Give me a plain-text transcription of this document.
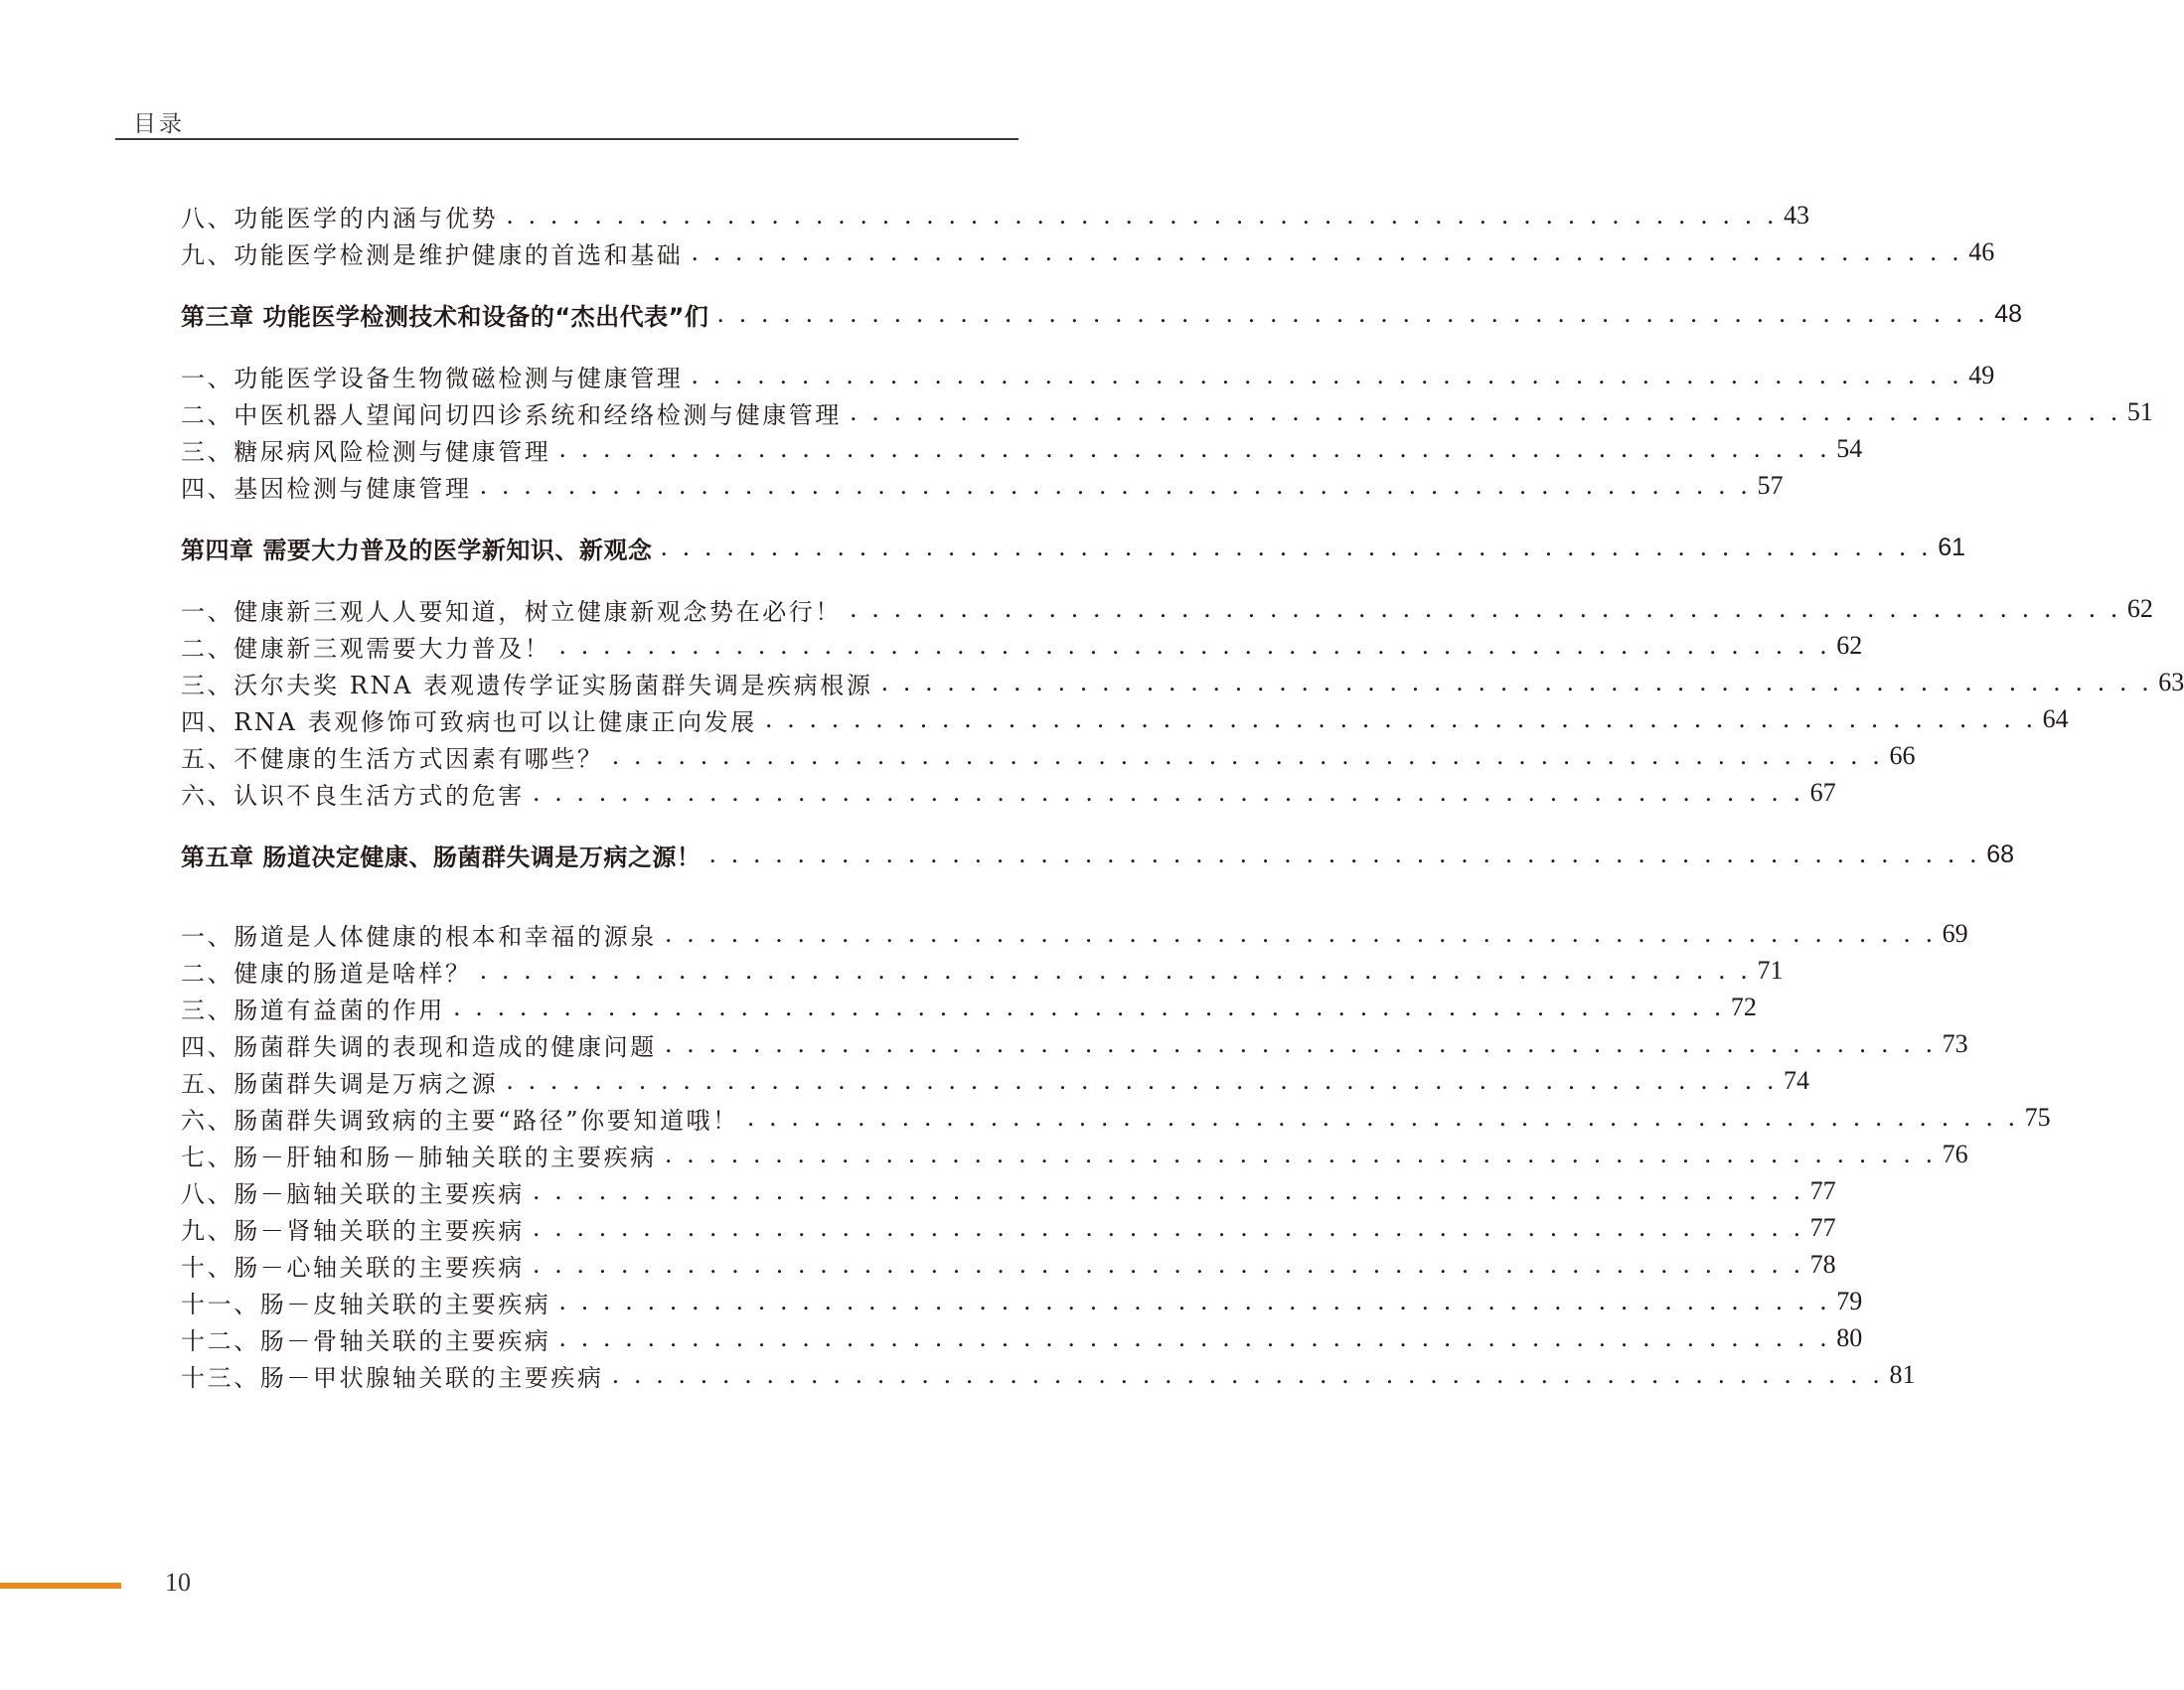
目录
八、功能医学的内涵与优势 . . . . . . . . . . . . . . . . . . . . . . . . . . . . . . . . . . . . . . . . . . . . . . . . . . . . . . . . . . 43
九、功能医学检测是维护健康的首选和基础 . . . . . . . . . . . . . . . . . . . . . . . . . . . . . . . . . . . . . . . . . . . . . . . . . . . . . . . . . . 46
第三章 功能医学检测技术和设备的“杰出代表”们 . . . . . . . . . . . . . . . . . . . . . . . . . . . . . . . . . . . . . . . . . . . . . . . . . . . . . . . . . . 48
一、功能医学设备生物微磁检测与健康管理 . . . . . . . . . . . . . . . . . . . . . . . . . . . . . . . . . . . . . . . . . . . . . . . . . . . . . . . . . . 49
二、中医机器人望闻问切四诊系统和经络检测与健康管理 . . . . . . . . . . . . . . . . . . . . . . . . . . . . . . . . . . . . . . . . . . . . . . . . . . . . . . . . . . 51
三、糖尿病风险检测与健康管理 . . . . . . . . . . . . . . . . . . . . . . . . . . . . . . . . . . . . . . . . . . . . . . . . . . . . . . . . . . 54
四、基因检测与健康管理 . . . . . . . . . . . . . . . . . . . . . . . . . . . . . . . . . . . . . . . . . . . . . . . . . . . . . . . . . . 57
第四章 需要大力普及的医学新知识、新观念 . . . . . . . . . . . . . . . . . . . . . . . . . . . . . . . . . . . . . . . . . . . . . . . . . . . . . . . . . . 61
一、健康新三观人人要知道，树立健康新观念势在必行！ . . . . . . . . . . . . . . . . . . . . . . . . . . . . . . . . . . . . . . . . . . . . . . . . . . . . . . . . . . 62
二、健康新三观需要大力普及！ . . . . . . . . . . . . . . . . . . . . . . . . . . . . . . . . . . . . . . . . . . . . . . . . . . . . . . . . . . 62
三、沃尔夫奖 RNA 表观遗传学证实肠菌群失调是疾病根源 . . . . . . . . . . . . . . . . . . . . . . . . . . . . . . . . . . . . . . . . . . . . . . . . . . . . . . . . . . 63
四、RNA 表观修饰可致病也可以让健康正向发展 . . . . . . . . . . . . . . . . . . . . . . . . . . . . . . . . . . . . . . . . . . . . . . . . . . . . . . . . . . 64
五、不健康的生活方式因素有哪些？ . . . . . . . . . . . . . . . . . . . . . . . . . . . . . . . . . . . . . . . . . . . . . . . . . . . . . . . . . . 66
六、认识不良生活方式的危害 . . . . . . . . . . . . . . . . . . . . . . . . . . . . . . . . . . . . . . . . . . . . . . . . . . . . . . . . . . 67
第五章 肠道决定健康、肠菌群失调是万病之源！ . . . . . . . . . . . . . . . . . . . . . . . . . . . . . . . . . . . . . . . . . . . . . . . . . . . . . . . . . . 68
一、肠道是人体健康的根本和幸福的源泉 . . . . . . . . . . . . . . . . . . . . . . . . . . . . . . . . . . . . . . . . . . . . . . . . . . . . . . . . . . 69
二、健康的肠道是啥样？ . . . . . . . . . . . . . . . . . . . . . . . . . . . . . . . . . . . . . . . . . . . . . . . . . . . . . . . . . . 71
三、肠道有益菌的作用 . . . . . . . . . . . . . . . . . . . . . . . . . . . . . . . . . . . . . . . . . . . . . . . . . . . . . . . . . . 72
四、肠菌群失调的表现和造成的健康问题 . . . . . . . . . . . . . . . . . . . . . . . . . . . . . . . . . . . . . . . . . . . . . . . . . . . . . . . . . . 73
五、肠菌群失调是万病之源 . . . . . . . . . . . . . . . . . . . . . . . . . . . . . . . . . . . . . . . . . . . . . . . . . . . . . . . . . . 74
六、肠菌群失调致病的主要“路径”你要知道哦！ . . . . . . . . . . . . . . . . . . . . . . . . . . . . . . . . . . . . . . . . . . . . . . . . . . . . . . . . . . 75
七、肠－肝轴和肠－肺轴关联的主要疾病 . . . . . . . . . . . . . . . . . . . . . . . . . . . . . . . . . . . . . . . . . . . . . . . . . . . . . . . . . . 76
八、肠－脑轴关联的主要疾病 . . . . . . . . . . . . . . . . . . . . . . . . . . . . . . . . . . . . . . . . . . . . . . . . . . . . . . . . . . 77
九、肠－肾轴关联的主要疾病 . . . . . . . . . . . . . . . . . . . . . . . . . . . . . . . . . . . . . . . . . . . . . . . . . . . . . . . . . . 77
十、肠－心轴关联的主要疾病 . . . . . . . . . . . . . . . . . . . . . . . . . . . . . . . . . . . . . . . . . . . . . . . . . . . . . . . . . . 78
十一、肠－皮轴关联的主要疾病 . . . . . . . . . . . . . . . . . . . . . . . . . . . . . . . . . . . . . . . . . . . . . . . . . . . . . . . . . . 79
十二、肠－骨轴关联的主要疾病 . . . . . . . . . . . . . . . . . . . . . . . . . . . . . . . . . . . . . . . . . . . . . . . . . . . . . . . . . . 80
十三、肠－甲状腺轴关联的主要疾病 . . . . . . . . . . . . . . . . . . . . . . . . . . . . . . . . . . . . . . . . . . . . . . . . . . . . . . . . . . 81
10
